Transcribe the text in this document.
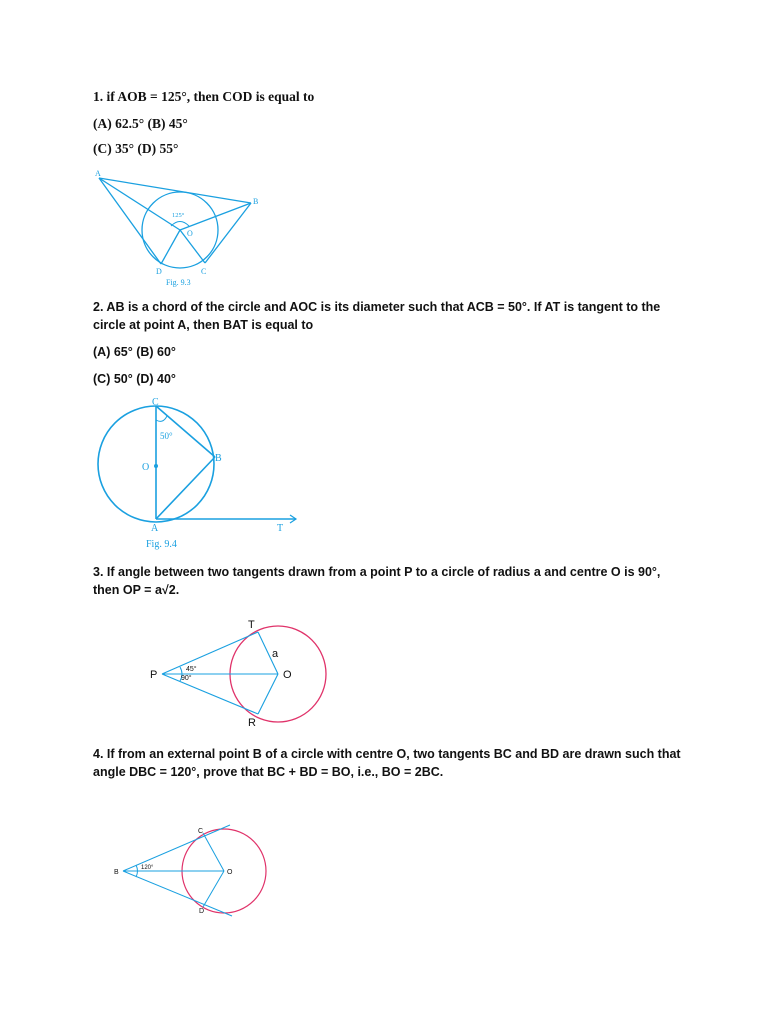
1. if AOB = 125°, then COD is equal to
(A) 62.5° (B) 45°
(C) 35° (D) 55°
A
B
O
D	C
125°
Fig. 9.3
2. AB is a chord of the circle and AOC is its diameter such that ACB = 50°. If AT is tangent to the
circle at point A, then BAT is equal to
(A) 65° (B) 60°
(C) 50° (D) 40°
C
O
B
A	T
50°
Fig. 9.4
3. If angle between two tangents drawn from a point P to a circle of radius a and centre O is 90°,
then OP = a√2.
P
T
O
R
a
45°
90°
4. If from an external point B of a circle with centre O, two tangents BC and BD are drawn such that
angle DBC = 120°, prove that BC + BD = BO, i.e., BO = 2BC.
B
C
D
O
120°
